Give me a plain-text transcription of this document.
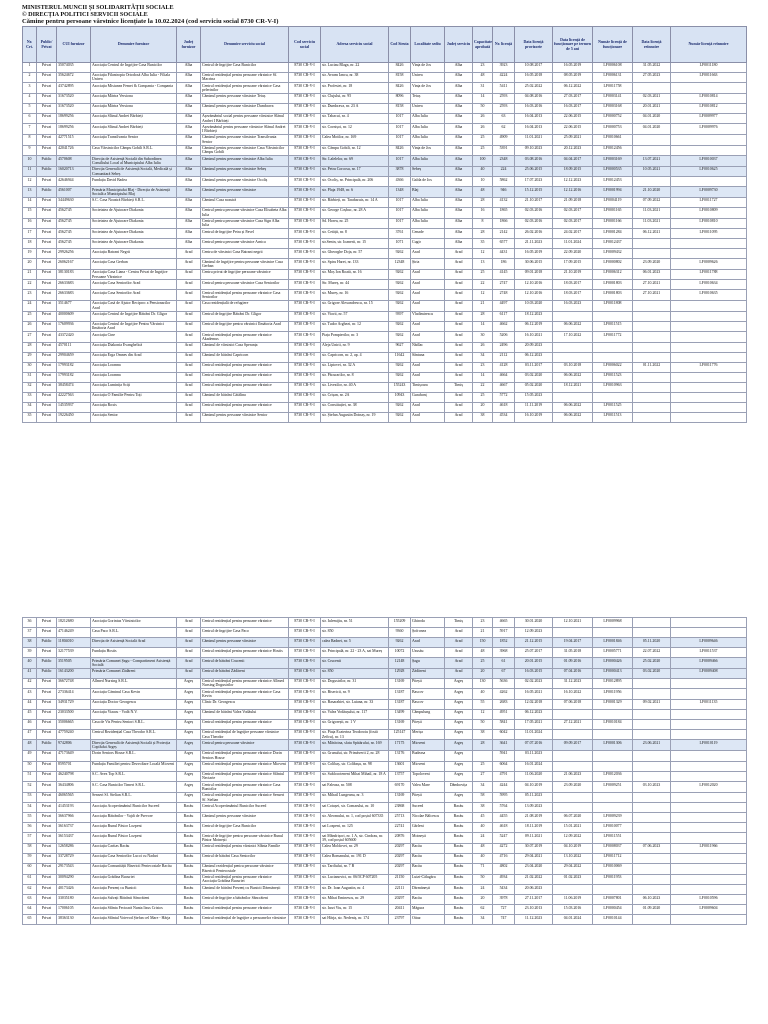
MINISTERUL MUNCII ȘI SOLIDARITĂȚII SOCIALE
© DIRECȚIA POLITICI SERVICII SOCIALE
Cămine pentru persoane vârstnice licențiate la 10.02.2024 (cod serviciu social 8730 CR-V-I)
Nr. Crt.	Public/ Privat	CUI furnizor	Denumire furnizor	Județ furnizor	Denumire serviciu social	Cod serviciu social	Adresa serviciu social	Cod Siruta	Localitate sediu	Județ serviciu	Capacitate aprobată	Nr. licență	Data licență provizorie	Data licență de funcționare pe termen de 5 ani	Număr licență de funcționare	Data licență reînnoire	Număr licență reînnoire
1	Privat	35074035	Asociația Centrul de Îngrijire Casa Bunicilor	Alba	Centrul de îngrijire Casa Bunicilor	8730 CR-V-I	str. Luciau Blaga, nr. 22	8426	Vința de Jos	Alba	23	3923	10.08.2017	16.05.2019	LF0006108	31.05.2022	LF0011180
2	Privat	35624672	Asociația Filantropia Ortodoxă Alba Iulia - Filiala Unirea	Alba	Centrul rezidențial pentru persoane vârstnice Sf. Macrina	8730 CR-V-I	str. Avram Iancu, nr. 38	8158	Unirea	Alba	48	4224	16.05.2018	08.05.2019	LF0006131	27.05.2023	LF0011663
3	Privat	43742895	Asociația Misiunea Femei & Compania - Compania	Alba	Centrul rezidențial pentru persoane vârstnice Casa pelerinilor	8730 CR-V-I	str. Profesiei, nr. 18	8426	Vința de Jos	Alba	31	5411	25.02.2022	06.12.2022	LF0011758		
4	Privat	31673520	Asociația Mărtra Versiona	Alba	Căminul pentru persoane vârstnice Teiuș	8730 CR-V-I	str. Clujului, nr. 95	8096	Teiuș	Alba	14	2593	04.08.2016	27.03.2017	LF0003141	02.03.2021	LF0010814
5	Privat	31673520	Asociația Mărtra Versiona	Alba	Căminul pentru persoane vârstnice Dumbrava	8730 CR-V-I	str. Dumbrava, nr. 23 A	8158	Unirea	Alba	50	2593	16.03.2016	16.03.2017	LF0003168	20.01.2021	LF0010812
6	Privat	18699256	Asociația Slănul Andrei Bărbieți	Alba	Așezământul social pentru persoane vârstnice Slănul Andrei I Bărbieți	8730 CR-V-I	str. Tabacui, nr. 4	1017	Alba Iulia	Alba	26	63	16.04.2013	22.06.2015	LF0000752	04.01.2020	LF0009977
7	Privat	18699256	Asociația Slănul Andrei Bărbieți	Alba	Așezământul pentru persoane vârstnice Slănul Andrei I Bărbieți	8730 CR-V-I	str. Cornișoi, nr. 12	1017	Alba Iulia	Alba	26	62	16.04.2013	22.06.2015	LF0000753	04.01.2020	LF0009976
8	Privat	42771515	Asociația Transilvania Senior	Alba	Căminul pentru persoane vârstnice Transilvania Senior	8730 CR-V-I	Calea Motilor, nr. 169	1017	Alba Iulia	Alba	25	4909	11.01.2021	25.09.2021	LF0010661		
9	Privat	42041726	Casa Vârstnicilor Câmpu Gobili S.R.L.	Alba	Căminul pentru persoane vârstnice Casa Vârstnicilor Câmpu Gobili	8730 CR-V-I	str. Câmpu Gobili, nr. 12	8426	Vința de Jos	Alba	25	5391	09.10.2023	20.12.2023	LF0012456		
10	Public	4570608	Direcția de Asistență Socială din Subordinea Consiliului Local al Municipiului Alba Iulia	Alba	Căminul pentru persoane vârstnice Alba Iulia	8730 CR-V-I	Str. Lalelelor, nr. 69	1017	Alba Iulia	Alba	100	2348	03.08.2016	04.04.2017	LF0003169	13.07.2021	LF0010037
11	Public	16020713	Direcția Generală de Asistență Socială, Medicală și Comunitară Sebeș	Alba	Căminul pentru persoane vârstnice Sebeș	8730 CR-V-I	str. Petru Corcosu, nr. 17	3878	Sebeș	Alba	40	224	25.06.2015	18.09.2015	LF0000535	10.05.2021	LF0010625
12	Privat	42646944	Fundația David Badea	Alba	Căminul pentru persoane vârstnice Ocoliș	8730 CR-V-I	str. Ocoliș, nr. Principală, nr. 206	4366	Galda de Jos	Alba	10	5862	17.07.2023	12.12.2023	LF0012453		
13	Public	4561007	Primăria Municipiului Blaj - Direcția de Asistență Socială a Municipiului Blaj	Alba	Căminul pentru persoane vârstnice	8730 CR-V-I	str. Plaja 1948, nr. 6	1348	Blaj	Alba	48	946	15.12.2015	12.12.2016	LF0001994	21.10.2020	LF0009730
14	Privat	34449630	S.C. Casa Noastră Bărbieți S.R.L.	Alba	Căminul Casa noastră	8730 CR-V-I	str. Bărbieți, nr. Tarabaruis, nr. 14 A	1017	Alba Iulia	Alba	28	4132	21.10.2017	21.09.2018	LF0004119	07.09.2022	LF0011727
15	Privat	4562745	Societatea de Ajutorare Diakonia	Alba	Centrul pentru persoane vârstnice Casa Elisabeta Alba Iulia	8730 CR-V-I	str. George Coșbuc, nr. 28 A	1017	Alba Iulia	Alba	16	1865	02.03.2016	02.03.2017	LF0001165	11.03.2021	LF0010809
16	Privat	4562745	Societatea de Ajutorare Diakonia	Alba	Centrul pentru persoane vârstnice Casa Sign Alba Iulia	8730 CR-V-I	Sd. Horea, nr. 25	1017	Alba Iulia	Alba	8	1866	02.03.2016	02.03.2017	LF0001166	11.03.2021	LF0010810
17	Privat	4562745	Societatea de Ajutorare Diakonia	Alba	Centrul de îngrijire Petra și Pavel	8730 CR-V-I	str. Cetății, nr. 8	3761	Cenade	Alba	28	2142	26.02.2016	24.02.2017	LF0001284	06.12.2021	LF0011095
18	Privat	4562745	Societatea de Ajutorare Diakonia	Alba	Centrul pentru persoane vârstnice Arnica	8730 CR-V-I	str.Senin, str. Ioanerii, nr. 15	1071	Cugir	Alba	35	6577	21.11.2023	11.01.2024	LF0012437		
19	Privat	29926256	Asociația Batrani Negrii	Arad	Centru de vârstnici Casa Batrani negrii	8730 CR-V-I	str. Gheorghe Doja, nr. 57	9262	Arad	Arad	12	4431	16.05.2019	22.09.2020	LF0009432		
20	Privat	26062167	Asociația Casa Gerban	Arad	Căminul de îngrijire pentru persoane vârstnice Casa Gerban	8730 CR-V-I	str. Spiru Haret, nr. 133	12348	Șiria	Arad	13	186	30.06.2015	17.09.2015	LF0000802	23.09.2020	LF0009626
21	Privat	38130183	Asociația Casa Liana - Centru Privat de Îngrijire Persoane Vârstnice	Arad	Centru privat de îngrijire persoane vârstnice	8730 CR-V-I	str. Moș Ion Roată, nr. 16	9262	Arad	Arad	25	4145	09.01.2018	21.10.2019	LF0006312	06.01.2023	LF0011788
22	Privat	26633683	Asociația Casa Seniorilor Arad	Arad	Centrul pentru persoane vârstnice Casa Seniorilor	8730 CR-V-I	Str. Mureș, nr. 44	9262	Arad	Arad	22	2747	12.10.2016	18.03.2017	LF0001803	27.10.2021	LF0010634
23	Privat	26633683	Asociația Casa Seniorilor Arad	Arad	Centrul rezidențial pentru persoane vârstnice Casa Seniorilor	8730 CR-V-I	str. Mureș, nr. 16	9262	Arad	Arad	12	2748	12.10.2016	18.03.2017	LF0001803	27.10.2021	LF0010635
24	Privat	3514677	Asociația Casă de Ajutor Reciproc a Pensionarilor Arad	Arad	Casa rezidențială de refugiere	8730 CR-V-I	str. Grigore Alexandrescu, nr. 15	9262	Arad	Arad	21	4497	10.03.2020	16.03.2023	LF0011808		
25	Privat	40000609	Asociația Centrul de Îngrijire Bătrâni Dr. Gligor	Arad	Centrul de îngrijire Bătrâni Dr. Gligor	8730 CR-V-I	str. Viorii, nr. 57	9397	Vladimirescu	Arad	28	6117	18.12.2023				
26	Privat	17609936	Asociația Centrul de Îngrijire Pentru Vârstnici Ilmătoria Arad	Arad	Centrul de îngrijire pentru vârstnici Ilmătoria Arad	8730 CR-V-I	str. Tudor Arghezi, nr. 12	9262	Arad	Arad	14	4662	06.12.2019	06.06.2022	LF0011515		
27	Privat	43372420	Asociația Cine	Arad	Centrul rezidențial pentru persoane vârstnice Akademus	8730 CR-V-I	Piața Pompierilor, nr. 3	9262	Arad	Arad	30	5206	16.10.2021	17.10.2022	LF0011772		
28	Privat	4570111	Asociația Diakonia Evanghelică	Arad	Căminul de vârstnici Casa Speranța	8730 CR-V-I	Aleja Unirii, nr. 9	9627	Nădlac	Arad	26	2496	20.09.2023				
29	Privat	29904659	Asociația Erga Omnes din Arad	Arad	Căminul de bătrâni Capricorn	8730 CR-V-I	str. Capricorn, nr. 2, ap. 4	11642	Sântana	Arad	34	2112	06.12.2023				
30	Privat	17993182	Asociația Loranna	Arad	Centrul rezidențial pentru persoane vârstnice	8730 CR-V-I	str. Liptovei, nr. 32 A	9262	Arad	Arad	23	4128	03.11.2017	03.10.2018	LF0006022	01.11.2022	LF0011776
31	Privat	17993182	Asociația Loranna	Arad	Centrul rezidențial pentru persoane vârstnice	8730 CR-V-I	str. Păcurarilor, nr. 8	9262	Arad	Arad	14	4664	03.02.2020	06.06.2022	LF0011523		
32	Privat	38458474	Asociația Luminița Sciți	Arad	Centrul rezidențial pentru persoane vârstnice	8730 CR-V-I	str. Livezilor, nr. 40 A	155243	Timișoara	Timiș	22	4667	05.02.2020	18.12.2021	LF0010963		
33	Privat	42227563	Asociația O Familie Pentru Toți	Arad	Căminul de bătrâni Cătălina	8730 CR-V-I	str. Crișan, nr. 2A	10943	Gurahonț	Arad	25	5772	15.05.2023				
34	Privat	14535937	Asociația Roxis	Arad	Centrul rezidențial pentru persoane vârstnice	8730 CR-V-I	str. Constituției, nr. 38	9262	Arad	Arad	20	4618	11.11.2019	06.06.2022	LF0011525		
35	Privat	19226450	Asociația Senior	Arad	Căminul pentru persoane vârstnice Senior	8730 CR-V-I	str. Ștefan Augustin Doinaș, nr. 19	9262	Arad	Arad	38	4534	16.10.2019	06.06.2022	LF0011513		
36	Privat	18212680	Asociația Gorintus Vârstnicilor	Arad	Centrul rezidențial pentru persoane vârstnice	8730 CR-V-I	str. Iulemijiu, nr. 51	155209	Ghiroda	Timiș	23	4665	30.01.2020	12.10.2021	LF0009968		
37	Privat	47146249	Casa Paco S.R.L.	Arad	Centrul de îngrijire Casa Paco	8730 CR-V-I	str. 850	9360	Șofronea	Arad	21	5917	12.09.2023				
38	Public	11804010	Direcția de Asistență Socială Arad	Arad	Căminul pentru persoane vârstnice	8730 CR-V-I	calea Radnei, nr. 5	9262	Arad	Arad	150	1852	21.12.2015	19.04.2017	LF0001846	05.11.2020	LF0009646
39	Privat	32177539	Fundația Hostis	Arad	Centrul rezidențial pentru persoane vârstnice Hostis	8730 CR-V-I	str. Principală, nr. 22 - 23 A, sat Mureș	10072	Ususău	Arad	48	3968	25.07.2017	31.05.2018	LF0005771	22.07.2022	LF0011537
40	Public	3519505	Primăria Comunei Șagu - Compartiment Asistență Socială	Arad	Centrul de bătrâni Crucenii	8730 CR-V-I	str. Crucenii	12148	Șagu	Arad	25	61	20.01.2015	01.09.2016	LF0000426	25.02.2020	LF0009466
41	Public	16143200	Primăria Comunei Zădăreni	Arad	Centrul de bătrâni Zădăreni	8730 CR-V-I	str. 850	12928	Zădăreni	Arad	20	67	16.03.2015	07.04.2016	LF0000413	03.02.2020	LF0009408
42	Privat	36672748	Allmed Nursing S.R.L.	Argeș	Centrul rezidențial pentru persoane vârstnice Allmed Nursing Dogustrilor	8730 CR-V-I	str. Dogustrilor, nr. 31	13169	Pitești	Argeș	130	5636	02.02.2023	31.12.2023	LF0012895		
43	Privat	27336414	Asociația Căminul Casa Kevin	Argeș	Centrul rezidențial pentru persoane vârstnice Casa Kevin	8730 CR-V-I	str. Bisericii, nr. 9	13187	Bascov	Argeș	40	4262	16.05.2021	16.10.2022	LF0011956		
44	Privat	34931729	Asociația Doctor Georgescu	Argeș	Clinic Dr. Georgescu	8730 CR-V-I	str. Basarabiei, str. Luiana, nr. 33	13187	Bascov	Argeș	55	2683	12.02.2018	07.06.2018	LF0001329	09.02.2021	LF0011135
45	Privat	23033500	Asociația Viaacu - Vodă N.V.	Argeș	Căminul de bătrâni Valea Vodăului	8730 CR-V-I	str. Valea Vodăușului, nr. 117	13499	Câmpulung	Argeș	12	4951	06.12.2023				
46	Privat	35006665	Casa de Vis Pentru Seniori S.R.L.	Argeș	Centrul rezidențial pentru persoane vârstnice	8730 CR-V-I	str. Grigorești, nr. 1 V	13169	Pitești	Argeș	50	5841	17.05.2021	27.12.2021	LF0010184		
47	Privat	47759240	Centrul Rezidențial Casa Theodor S.R.L.	Argeș	Centrul rezidențial de îngrijire persoane vârstnice Casa Theodor	8730 CR-V-I	str. Piața Ecaterina Teodoroiu (fostă Zefiru), nr. 13	125147	Merișa	Argeș	38	6042	11.01.2024				
48	Public	9742806	Direcția Generală de Asistență Socială și Protecția Copilului Argeș	Argeș	Centrul pentru persoane vârstnice	8730 CR-V-I	str. Mârăcina, sfatu Spătărului, nr. 169	17175	Mioveni	Argeș	28	3641	07.07.2016	09.09.2017	LF0001306	23.06.2021	LF0010119
49	Privat	47173649	Dorin Seniors House S.R.L.	Argeș	Centrul rezidențial pentru persoane vârstnice Dorin Seniors House	8730 CR-V-I	str. Grunului, str. Primăverii 2, nr. 28	13176	Budeasa	Argeș		5941	03.11.2023				
50	Privat	8595701	Fundația Familiei pentru Dezvoltare Locală Mioveni	Argeș	Centrul rezidențial pentru persoane vârstnice Mioveni	8730 CR-V-I	str. Colibaș, str. Colibașu, nr. 98	13601	Mioveni	Argeș	25	6064	16.01.2024				
51	Privat	46240798	S.C. Avez Top S.R.L.	Argeș	Centrul rezidențial pentru persoane vârstnice Sfântul Nectarie	8730 CR-V-I	str. Sublocotenent Mihai Mihail, nr. 18 A	13757	Topoloveni	Argeș	27	4791	11.06.2020	21.06.2023	LF0012036		
52	Privat	36434806	S.C. Casa Bunicilor Timeri S.R.L.	Argeș	Centrul rezidențial pentru persoane vârstnice Casa Bunicilor	8730 CR-V-I	sat Faleasa, nr. 508	69170	Valea Mare	Dâmbovița	34	4244	04.10.2019	23.09.2020	LF0009251	03.10.2023	LF0012020
53	Privat	46065565	Senseri Sf. Stelian S.R.L.	Argeș	Centrul rezidențial pentru persoane vârstnice Senseri Sf. Stelian	8730 CR-V-I	str. Mihail Lungeanu, nr. 3	13169	Pitești	Argeș	58	5995	05.11.2023				
54	Privat	41453193	Asociația Acoperământul Bunicilor Suceed	Bacău	Centrul Acoperământul Bunicilor Suceed	8730 CR-V-I	sat Cotușei, str. Comarului, nr. 10	23868	Suceed	Bacău	38	5764	13.09.2023				
55	Privat	36637966	Asociația Bătrânilor - Vajdi de Psevore	Bacău	Căminul pentru persoane vârstnice	8730 CR-V-I	str. Aleomului, nr. 1, cod poștal 607335	25713	Nicolae Bălcescu	Bacău	45	4455	21.08.2019	06.07.2020	LF0009239		
56	Privat	36163737	Asociația Bunul Păstor Lozpeni	Bacău	Centrul de îngrijire Casa Bunicilor	8730 CR-V-I	sat Lozpeni, nr. 125	22741	Gârleni	Bacău	40	4618	18.11.2019	15.01.2021	LF0010077		
57	Privat	36153437	Asociația Bunul Păstor Lozpeni	Bacău	Centrul de îngrijire pentru persoane vârstnice Bunul Păstor Moinești	8730 CR-V-I	sat Mândrișori, nr. 1 A, str. Cindrau, nr. 39, cod poștal 605600	20876	Moinești	Bacău	24	5247	09.11.2021	12.09.2022	LF0011551		
58	Privat	12658286	Asociația Caritas Bacău	Bacău	Centrul rezidențial pentru vârstnici Sfânta Familie	8730 CR-V-I	Calea Moldovei, nr. 29	20297	Bacău	Bacău	48	4272	30.07.2019	04.10.2019	LF0008037	07.06.2023	LF0011966
59	Privat	33728729	Asociația Casa Seniorilor Lucoi cu Nadari	Bacău	Centrul de bătrâni Casa Seniorilor	8730 CR-V-I	Calea Romanului, nr. 191 D	20297	Bacău	Bacău	40	4716	29.04.2021	13.10.2022	LF0011712		
60	Privat	29173543	Asociația Comunității Bisericii Pentecostale Bacău	Bacău	Căminul rezidențial pentru persoane vârstnice Bisericii Pentecostale	8730 CR-V-I	str. Tardiului, nr. 7 B	20297	Bacău	Bacău	71	4802	23.04.2020	29.04.2022	LF0010069		
61	Privat	30094290	Asociația Grădina Bucuriei	Bacău	Centrul rezidențial pentru persoane vârstnice Asociația Grădina Bucuriei	8730 CR-V-I	str. Lucianovici, nr. 06/5CP 607205	21150	Luizi-Călugăra	Bacău	50	4934	21.02.2022	01.02.2023	LF0011953		
62	Privat	40173426	Asociația Prezenț cu Bunicii	Bacău	Căminul de bătrâni Prezenț cu Bunicii Dărmănești	8730 CR-V-I	str. Dr. Ioan Augustin, nr. 4	22111	Dărmănești	Bacău	24	5434	20.06.2023				
63	Privat	33035180	Asociația Salvați Bătrânii Sâncrăieni	Bacău	Centrul de îngrijire a bătrânilor Sâncrăieni	8730 CR-V-I	str. Mihai Eminescu, nr. 29	20297	Bacău	Bacău	20	3978	27.11.2017	11.06.2019	LF0007801	06.10.2023	LF0010596
64	Privat	17006105	Asociația Sfânta Fecioară Nunta Iisus Cristos	Bacău	Centrul rezidențial pentru persoane vârstnice	8730 CR-V-I	str. Iarzi Viu, nr. 15	20411	Măgura	Bacău	62	727	23.10.2013	15.03.2016	LF0000454	01.09.2020	LF0009604
65	Privat	38363130	Asociația Sfântul Voievod Ștefan cel Mare - Hârja	Bacău	Centrul rezidențial de îngrijire a persoanelor vârstnice	8730 CR-V-I	sat Hârja, str. Nedeniș, nr. 174	23797	Oituz	Bacău	34	747	11.12.2023	04.01.2024	LF0010144		
